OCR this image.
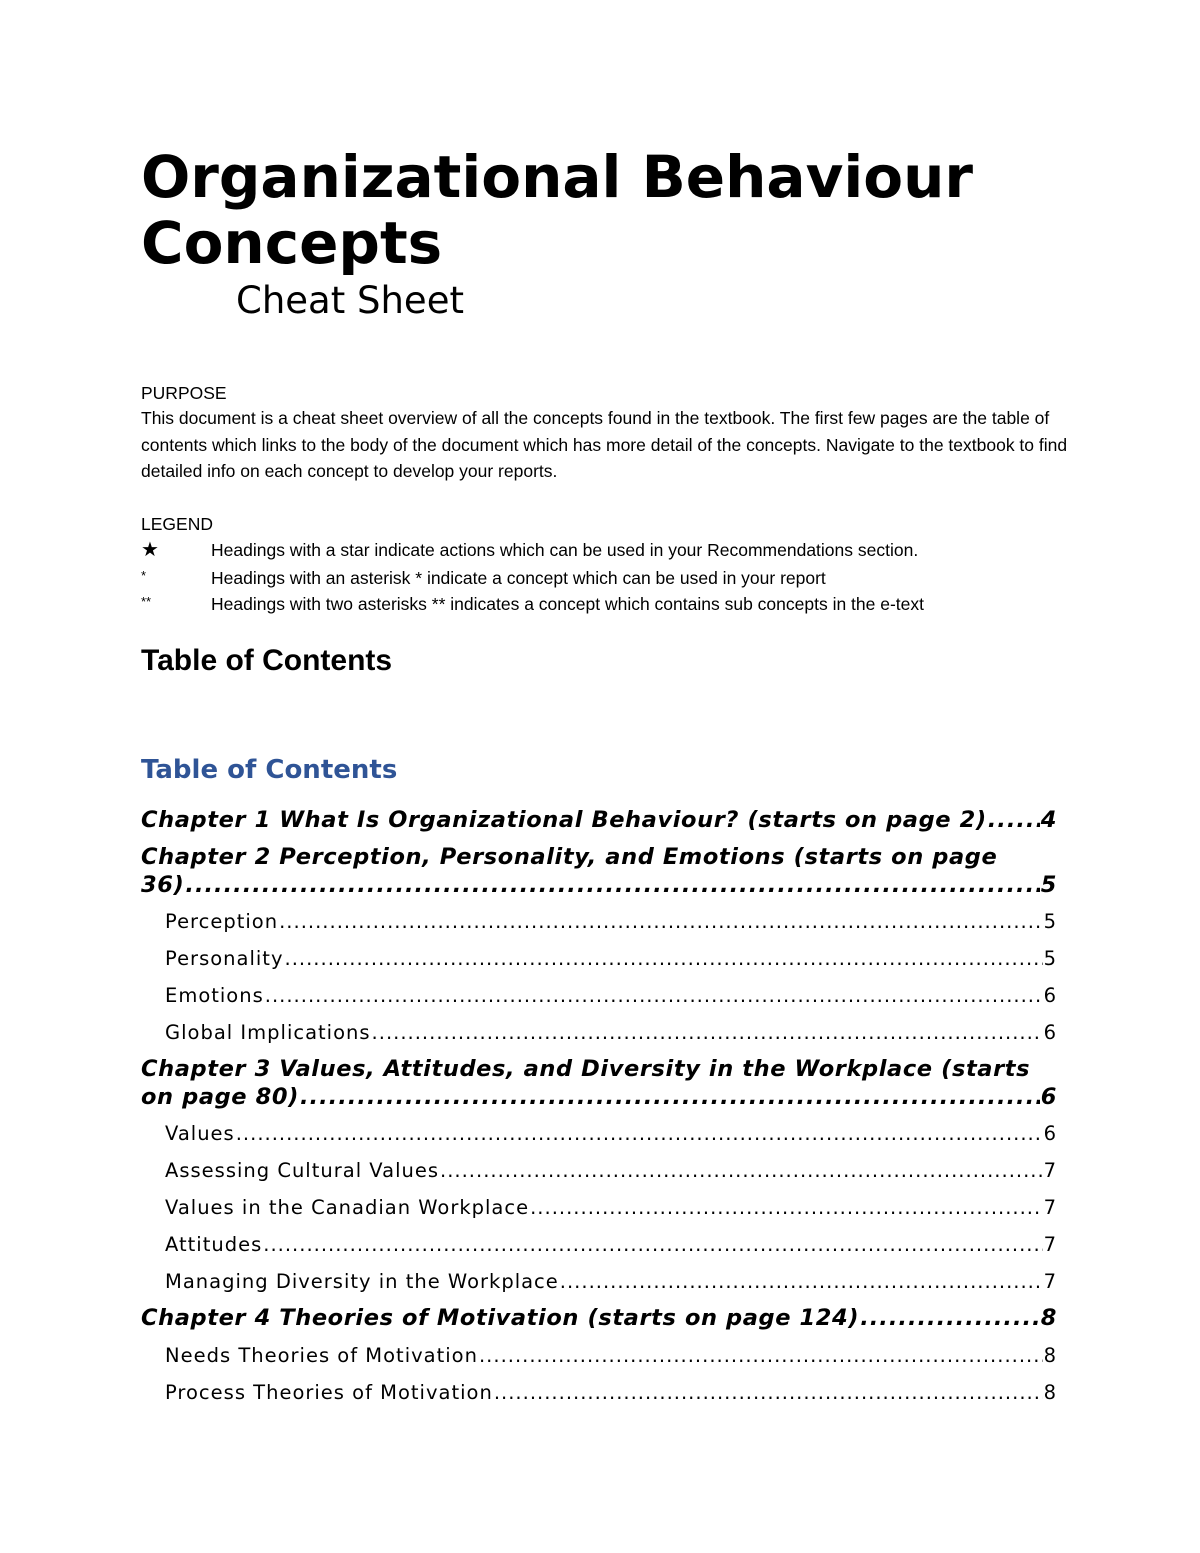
Organizational Behaviour
Concepts
Cheat Sheet
PURPOSE
This document is a cheat sheet overview of all the concepts found in the textbook. The first few pages are the table of contents which links to the body of the document which has more detail of the concepts. Navigate to the textbook to find detailed info on each concept to develop your reports.
LEGEND
★	Headings with a star indicate actions which can be used in your Recommendations section.
*	Headings with an asterisk * indicate a concept which can be used in your report
**	Headings with two asterisks ** indicates a concept which contains sub concepts in the e-text
Table of Contents
Table of Contents
Chapter 1 What Is Organizational Behaviour? (starts on page 2) ..... 4
Chapter 2 Perception, Personality, and Emotions (starts on page
36) .....	5
Perception .....	5
Personality .....	5
Emotions .....	6
Global Implications .....	6
Chapter 3 Values, Attitudes, and Diversity in the Workplace (starts
on page 80) .....	6
Values .....	6
Assessing Cultural Values .....	7
Values in the Canadian Workplace .....	7
Attitudes .....	7
Managing Diversity in the Workplace .....	7
Chapter 4 Theories of Motivation (starts on page 124) .....	8
Needs Theories of Motivation .....	8
Process Theories of Motivation .....	8
